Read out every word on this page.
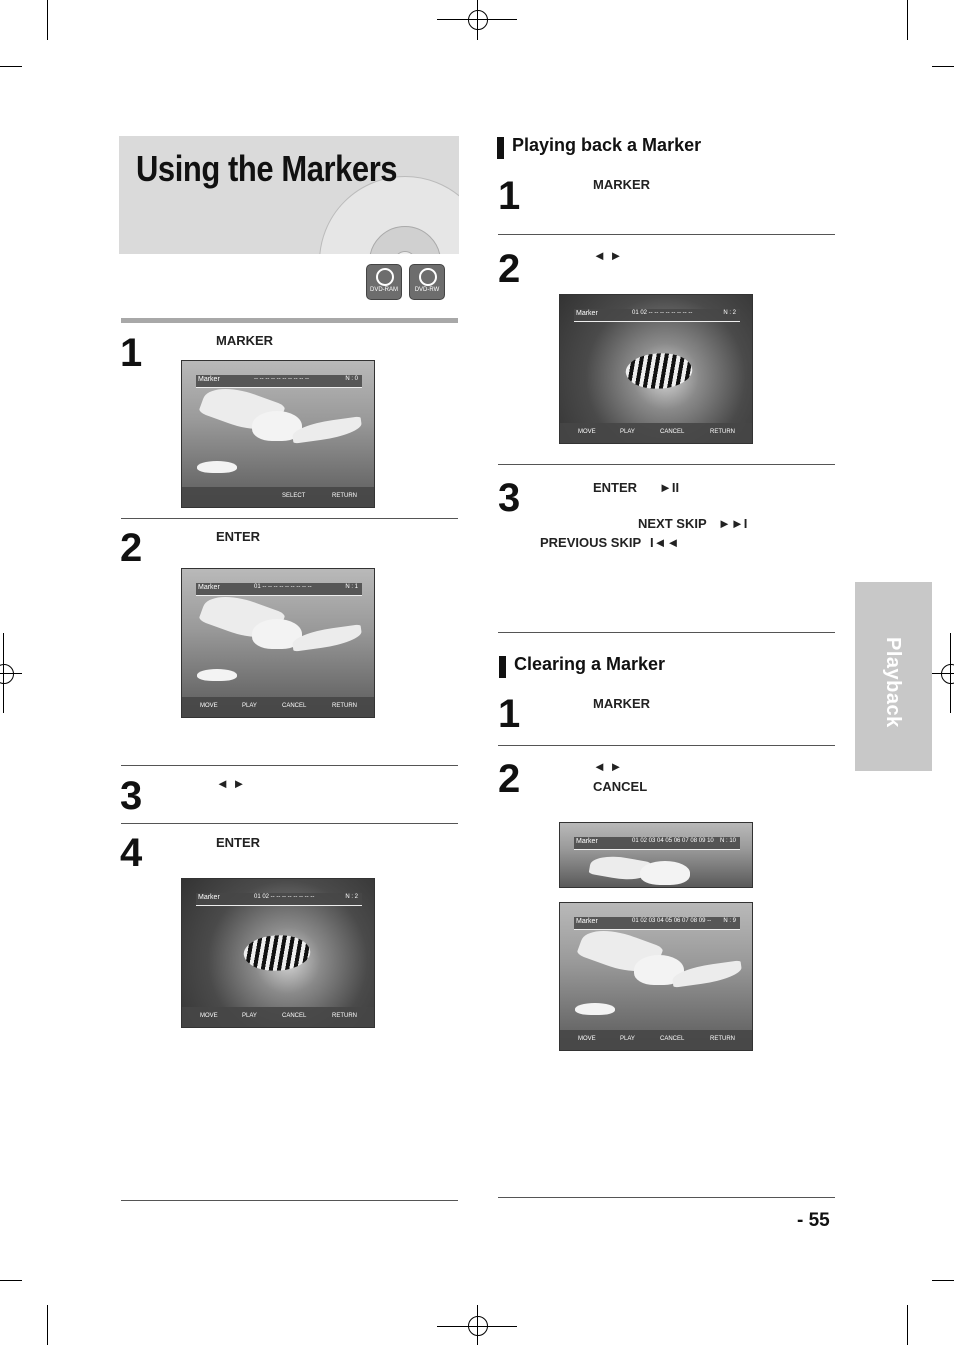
Using the Markers
DVD-RAM	DVD-RW
1	MARKER
Marker	-- -- -- -- -- -- -- -- -- --	N : 0
SELECT	RETURN
2	ENTER
Marker	01 -- -- -- -- -- -- -- -- --	N : 1
MOVE	PLAY	CANCEL	RETURN
3	◄ ►
4	ENTER
Marker	01 02 -- -- -- -- -- -- -- --	N : 2
MOVE	PLAY	CANCEL	RETURN
Playing back a Marker
1	MARKER
2	◄ ►
Marker	01 02 -- -- -- -- -- -- -- --	N : 2
MOVE	PLAY	CANCEL	RETURN
3	ENTER ►II
NEXT SKIP ►►I
PREVIOUS SKIP I◄◄
Clearing a Marker
1	MARKER
2	◄ ►
CANCEL
Marker	01 02 03 04 05 06 07 08 09 10 N : 10
Marker	01 02 03 04 05 06 07 08 09 -- N : 9
MOVE	PLAY	CANCEL	RETURN
- 55
Playback
